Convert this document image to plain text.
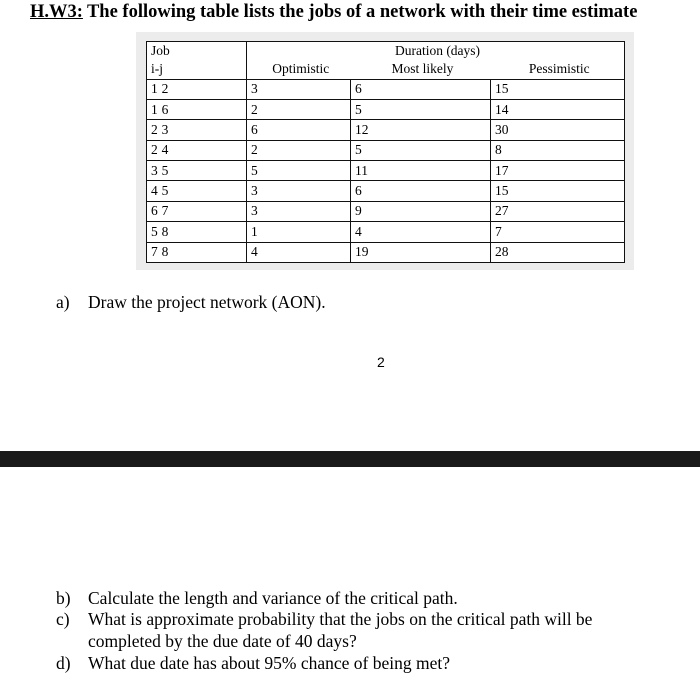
H.W3: The following table lists the jobs of a network with their time estimate
Job	Duration (days)		
i-j	Optimistic	Most likely	Pessimistic
1 2	3	6	15
1 6	2	5	14
2 3	6	12	30
2 4	2	5	8
3 5	5	11	17
4 5	3	6	15
6 7	3	9	27
5 8	1	4	7
7 8	4	19	28
a) Draw the project network (AON).
2
b) Calculate the length and variance of the critical path.
c) What is approximate probability that the jobs on the critical path will be
completed by the due date of 40 days?
d) What due date has about 95% chance of being met?
